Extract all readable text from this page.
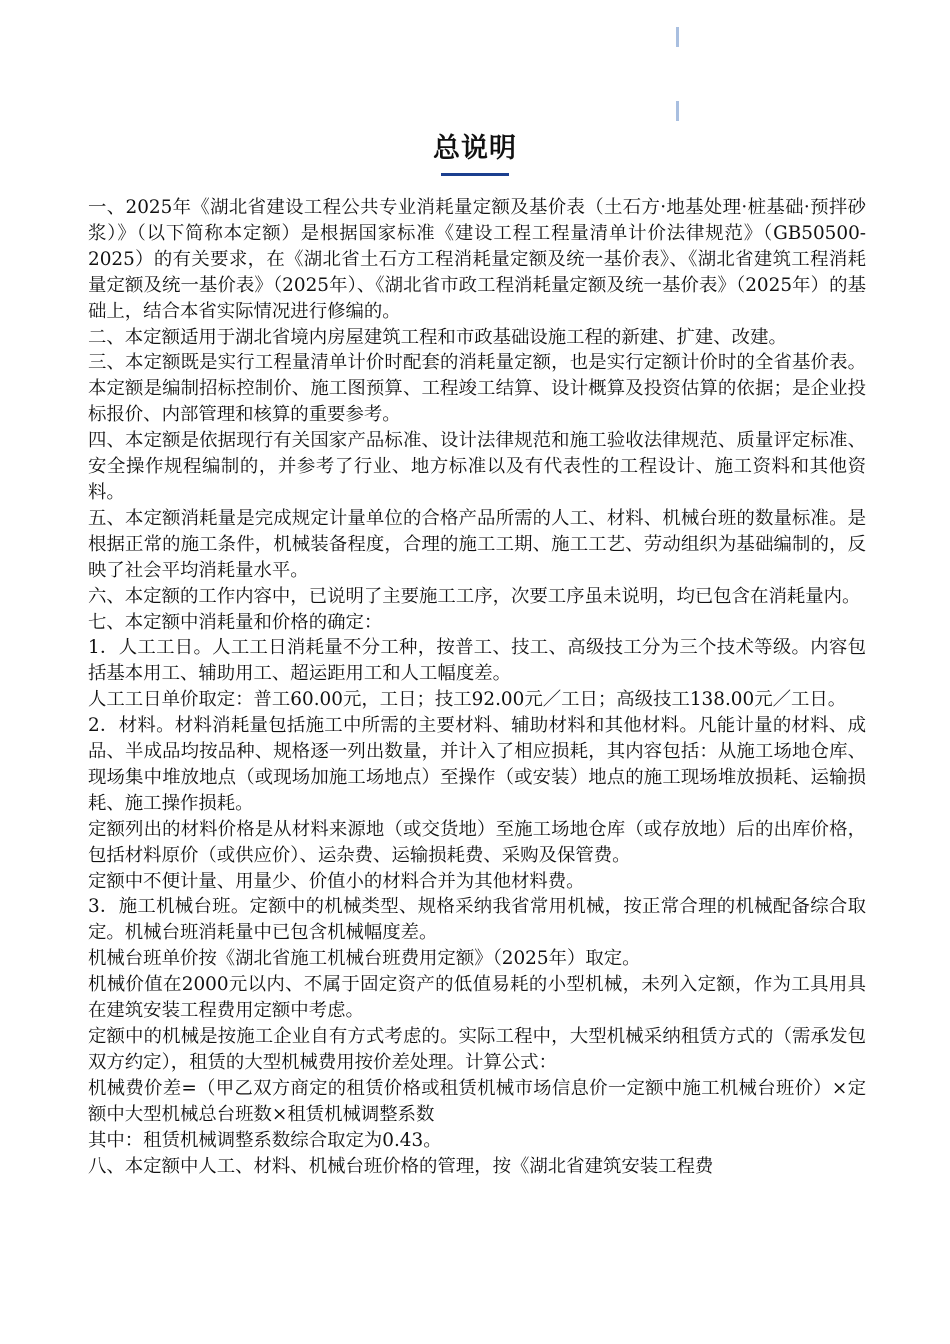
总说明

一、2025年《湖北省建设工程公共专业消耗量定额及基价表（土石方·地基处理·桩基础·预拌砂浆）》（以下简称本定额）是根据国家标准《建设工程工程量清单计价法律规范》（GB50500-2025）的有关要求，在《湖北省土石方工程消耗量定额及统一基价表》、《湖北省建筑工程消耗量定额及统一基价表》（2025年）、《湖北省市政工程消耗量定额及统一基价表》（2025年）的基础上，结合本省实际情况进行修编的。

二、本定额适用于湖北省境内房屋建筑工程和市政基础设施工程的新建、扩建、改建。

三、本定额既是实行工程量清单计价时配套的消耗量定额，也是实行定额计价时的全省基价表。本定额是编制招标控制价、施工图预算、工程竣工结算、设计概算及投资估算的依据；是企业投标报价、内部管理和核算的重要参考。

四、本定额是依据现行有关国家产品标准、设计法律规范和施工验收法律规范、质量评定标准、安全操作规程编制的，并参考了行业、地方标准以及有代表性的工程设计、施工资料和其他资料。

五、本定额消耗量是完成规定计量单位的合格产品所需的人工、材料、机械台班的数量标准。是根据正常的施工条件，机械装备程度，合理的施工工期、施工工艺、劳动组织为基础编制的，反映了社会平均消耗量水平。

六、本定额的工作内容中，已说明了主要施工工序，次要工序虽未说明，均已包含在消耗量内。

七、本定额中消耗量和价格的确定：

1．人工工日。人工工日消耗量不分工种，按普工、技工、高级技工分为三个技术等级。内容包括基本用工、辅助用工、超运距用工和人工幅度差。

人工工日单价取定：普工60.00元，工日；技工92.00元／工日；高级技工138.00元／工日。

2．材料。材料消耗量包括施工中所需的主要材料、辅助材料和其他材料。凡能计量的材料、成品、半成品均按品种、规格逐一列出数量，并计入了相应损耗，其内容包括：从施工场地仓库、现场集中堆放地点（或现场加施工场地点）至操作（或安装）地点的施工现场堆放损耗、运输损耗、施工操作损耗。

定额列出的材料价格是从材料来源地（或交货地）至施工场地仓库（或存放地）后的出库价格，包括材料原价（或供应价）、运杂费、运输损耗费、采购及保管费。

定额中不便计量、用量少、价值小的材料合并为其他材料费。

3．施工机械台班。定额中的机械类型、规格采纳我省常用机械，按正常合理的机械配备综合取定。机械台班消耗量中已包含机械幅度差。

机械台班单价按《湖北省施工机械台班费用定额》（2025年）取定。

机械价值在2000元以内、不属于固定资产的低值易耗的小型机械，未列入定额，作为工具用具在建筑安装工程费用定额中考虑。

定额中的机械是按施工企业自有方式考虑的。实际工程中，大型机械采纳租赁方式的（需承发包双方约定），租赁的大型机械费用按价差处理。计算公式：

机械费价差=（甲乙双方商定的租赁价格或租赁机械市场信息价一定额中施工机械台班价）×定额中大型机械总台班数×租赁机械调整系数

其中：租赁机械调整系数综合取定为0.43。

八、本定额中人工、材料、机械台班价格的管理，按《湖北省建筑安装工程费
